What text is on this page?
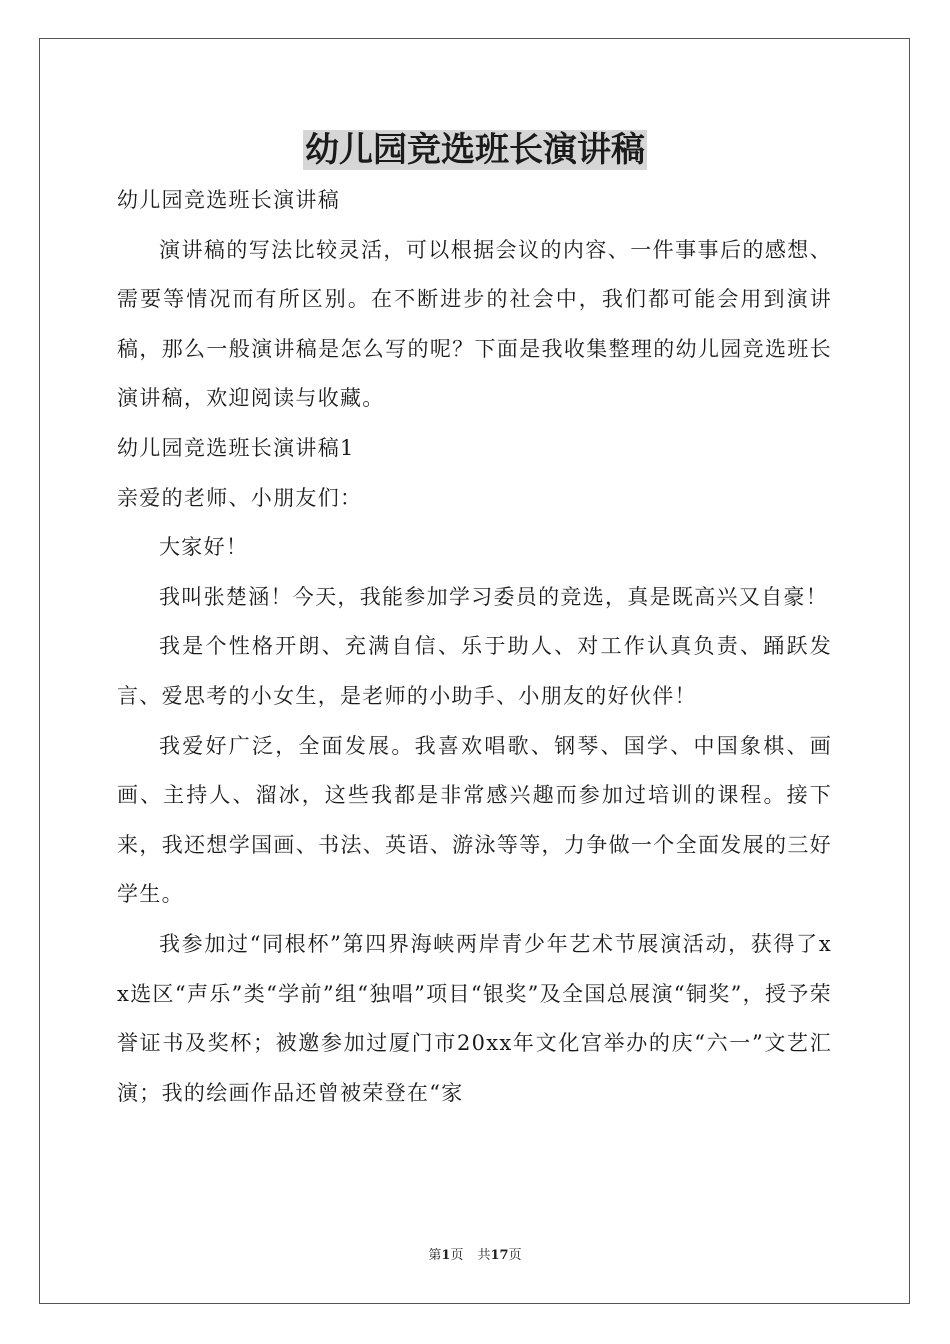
幼儿园竞选班长演讲稿

幼儿园竞选班长演讲稿

演讲稿的写法比较灵活，可以根据会议的内容、一件事事后的感想、需要等情况而有所区别。在不断进步的社会中，我们都可能会用到演讲稿，那么一般演讲稿是怎么写的呢？下面是我收集整理的幼儿园竞选班长演讲稿，欢迎阅读与收藏。

幼儿园竞选班长演讲稿1

亲爱的老师、小朋友们：

大家好！

我叫张楚涵！今天，我能参加学习委员的竞选，真是既高兴又自豪！

我是个性格开朗、充满自信、乐于助人、对工作认真负责、踊跃发言、爱思考的小女生，是老师的小助手、小朋友的好伙伴！

我爱好广泛，全面发展。我喜欢唱歌、钢琴、国学、中国象棋、画画、主持人、溜冰，这些我都是非常感兴趣而参加过培训的课程。接下来，我还想学国画、书法、英语、游泳等等，力争做一个全面发展的三好学生。

我参加过“同根杯”第四界海峡两岸青少年艺术节展演活动，获得了xx选区“声乐”类“学前”组“独唱”项目“银奖”及全国总展演“铜奖”，授予荣誉证书及奖杯；被邀参加过厦门市20xx年文化宫举办的庆“六一”文艺汇演；我的绘画作品还曾被荣登在“家

第1页 共17页
